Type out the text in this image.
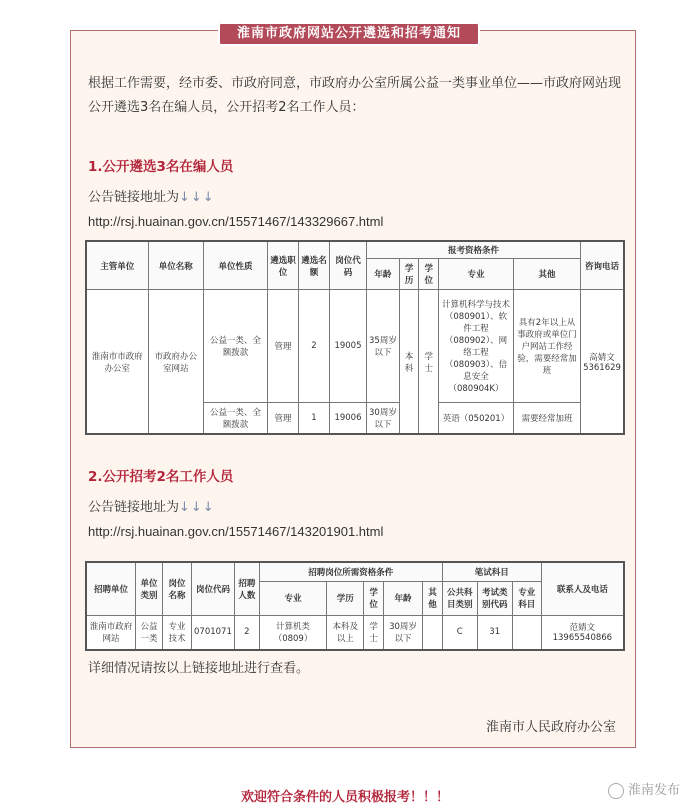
淮南市政府网站公开遴选和招考通知
根据工作需要，经市委、市政府同意，市政府办公室所属公益一类事业单位——市政府网站现公开遴选3名在编人员，公开招考2名工作人员：
1.公开遴选3名在编人员
公告链接地址为↓↓↓
http://rsj.huainan.gov.cn/15571467/143329667.html
主管单位	单位名称	单位性质	遴选职位	遴选名额	岗位代码	报考资格条件					咨询电话
						年龄	学历	学位	专业	其他	
淮南市市政府办公室	市政府办公室网站	公益一类、全额拨款	管理	2	19005	35周岁以下	本科	学士	计算机科学与技术（080901）、软件工程（080902）、网络工程（080903）、信息安全（080904K）	具有2年以上从事政府或单位门户网站工作经验，需要经常加班	高婧文5361629
		公益一类、全额拨款	管理	1	19006	30周岁以下			英语（050201）	需要经常加班	
2.公开招考2名工作人员
公告链接地址为↓↓↓
http://rsj.huainan.gov.cn/15571467/143201901.html
招聘单位	单位类别	岗位名称	岗位代码	招聘人数	招聘岗位所需资格条件					笔试科目			联系人及电话
					专业	学历	学位	年龄	其他	公共科目类别	考试类别代码	专业科目	
淮南市政府网站	公益一类	专业技术	0701071	2	计算机类（0809）	本科及以上	学士	30周岁以下		C	31		范婧文13965540866
详细情况请按以上链接地址进行查看。
淮南市人民政府办公室
欢迎符合条件的人员积极报考！！！	淮南发布
